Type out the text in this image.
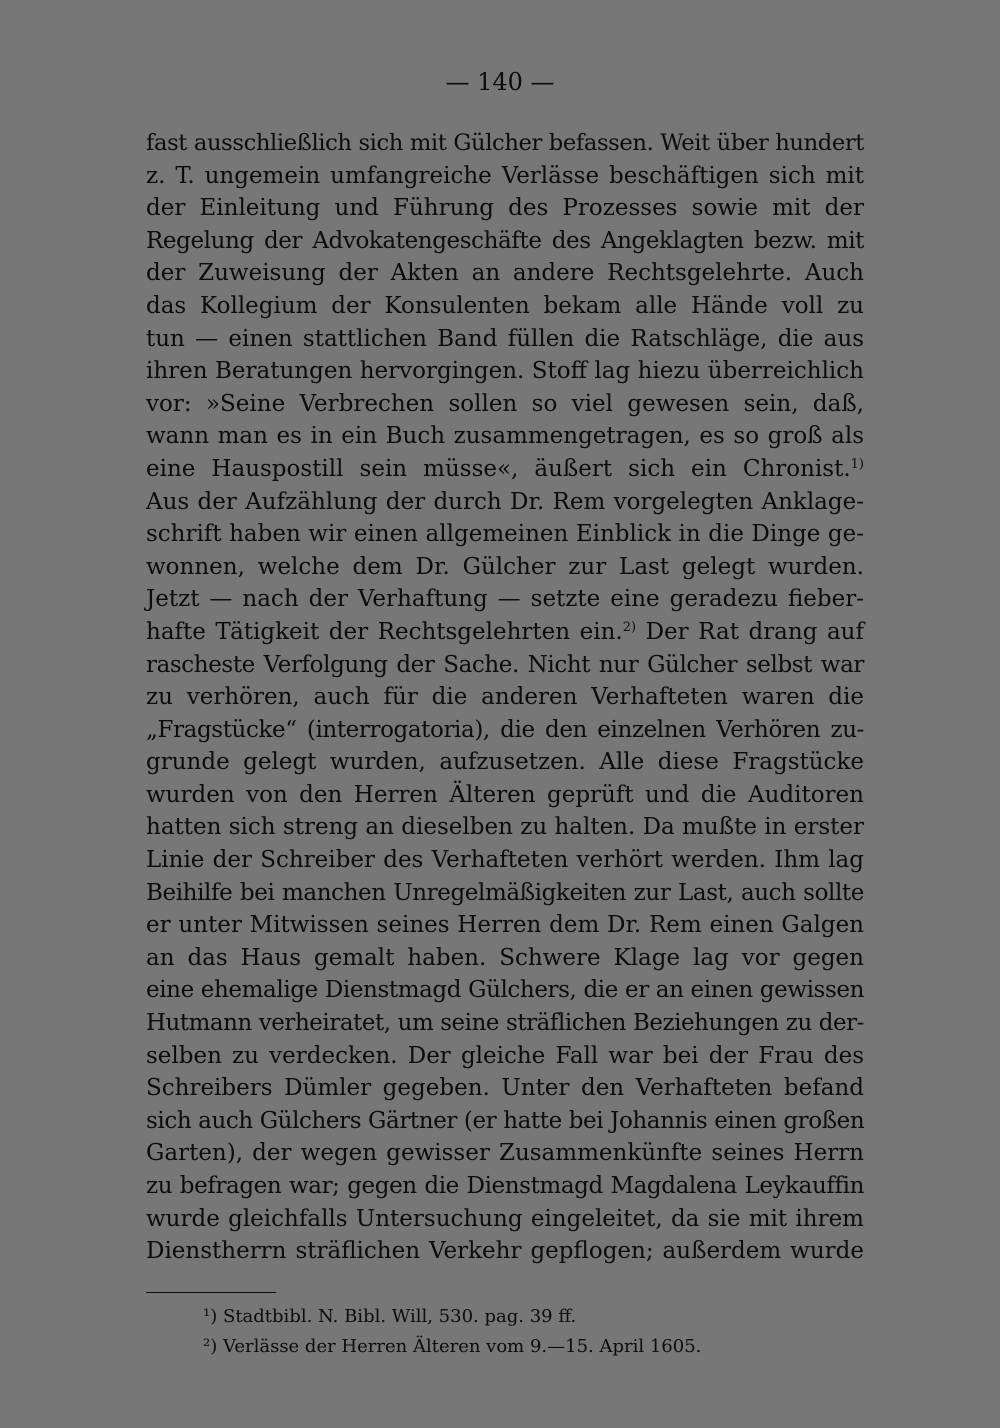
— 140 —
fast ausschließlich sich mit Gülcher befassen. Weit über hundert
z. T. ungemein umfangreiche Verlässe beschäftigen sich mit
der Einleitung und Führung des Prozesses sowie mit der
Regelung der Advokatengeschäfte des Angeklagten bezw. mit
der Zuweisung der Akten an andere Rechtsgelehrte. Auch
das Kollegium der Konsulenten bekam alle Hände voll zu
tun — einen stattlichen Band füllen die Ratschläge, die aus
ihren Beratungen hervorgingen. Stoff lag hiezu überreichlich
vor: »Seine Verbrechen sollen so viel gewesen sein, daß,
wann man es in ein Buch zusammengetragen, es so groß als
eine Hauspostill sein müsse«, äußert sich ein Chronist.$^{1)}$
Aus der Aufzählung der durch Dr. Rem vorgelegten Anklage-
schrift haben wir einen allgemeinen Einblick in die Dinge ge-
wonnen, welche dem Dr. Gülcher zur Last gelegt wurden.
Jetzt — nach der Verhaftung — setzte eine geradezu fieber-
hafte Tätigkeit der Rechtsgelehrten ein.$^{2)}$ Der Rat drang auf
rascheste Verfolgung der Sache. Nicht nur Gülcher selbst war
zu verhören, auch für die anderen Verhafteten waren die
„Fragstücke“ (interrogatoria), die den einzelnen Verhören zu-
grunde gelegt wurden, aufzusetzen. Alle diese Fragstücke
wurden von den Herren Älteren geprüft und die Auditoren
hatten sich streng an dieselben zu halten. Da mußte in erster
Linie der Schreiber des Verhafteten verhört werden. Ihm lag
Beihilfe bei manchen Unregelmäßigkeiten zur Last, auch sollte
er unter Mitwissen seines Herren dem Dr. Rem einen Galgen
an das Haus gemalt haben. Schwere Klage lag vor gegen
eine ehemalige Dienstmagd Gülchers, die er an einen gewissen
Hutmann verheiratet, um seine sträflichen Beziehungen zu der-
selben zu verdecken. Der gleiche Fall war bei der Frau des
Schreibers Dümler gegeben. Unter den Verhafteten befand
sich auch Gülchers Gärtner (er hatte bei Johannis einen großen
Garten), der wegen gewisser Zusammenkünfte seines Herrn
zu befragen war; gegen die Dienstmagd Magdalena Leykauffin
wurde gleichfalls Untersuchung eingeleitet, da sie mit ihrem
Dienstherrn sträflichen Verkehr gepflogen; außerdem wurde
¹) Stadtbibl. N. Bibl. Will, 530. pag. 39 ff.
²) Verlässe der Herren Älteren vom 9.—15. April 1605.
